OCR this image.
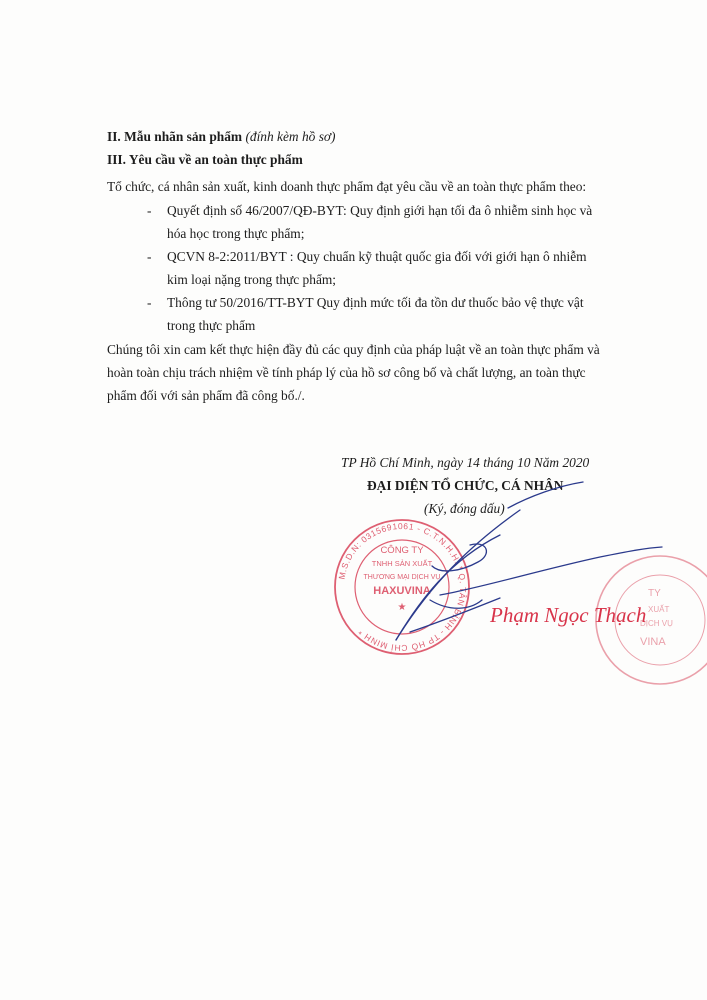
II. Mẫu nhãn sản phẩm (đính kèm hồ sơ)
III. Yêu cầu về an toàn thực phẩm
Tổ chức, cá nhân sản xuất, kinh doanh thực phẩm đạt yêu cầu về an toàn thực phẩm theo:
- Quyết định số 46/2007/QĐ-BYT: Quy định giới hạn tối đa ô nhiễm sinh học và
hóa học trong thực phẩm;
- QCVN 8-2:2011/BYT : Quy chuẩn kỹ thuật quốc gia đối với giới hạn ô nhiễm
kim loại nặng trong thực phẩm;
- Thông tư 50/2016/TT-BYT Quy định mức tối đa tồn dư thuốc bảo vệ thực vật
trong thực phẩm
Chúng tôi xin cam kết thực hiện đầy đủ các quy định của pháp luật về an toàn thực phẩm và
hoàn toàn chịu trách nhiệm về tính pháp lý của hồ sơ công bố và chất lượng, an toàn thực
phẩm đối với sản phẩm đã công bố./.
TP Hồ Chí Minh, ngày 14 tháng 10 Năm 2020
ĐẠI DIỆN TỔ CHỨC, CÁ NHÂN
(Ký, đóng dấu)
M.S.D.N: 0315691061 - C.T.N.H.H. * Q. TÂN BÌNH - TP HỒ CHÍ MINH *
CÔNG TY
TNHH SẢN XUẤT
THƯƠNG MẠI DỊCH VỤ
HAXUVINA
★
TY
XUẤT
DỊCH VỤ
VINA
Phạm Ngọc Thạch
